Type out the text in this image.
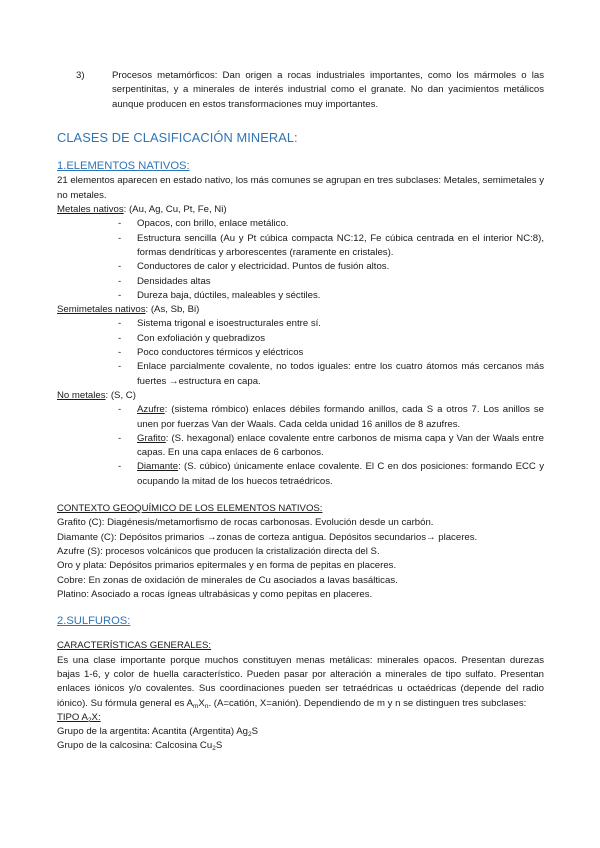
3)	Procesos metamórficos: Dan origen a rocas industriales importantes, como los mármoles o las serpentinitas, y a minerales de interés industrial como el granate. No dan yacimientos metálicos aunque producen en estos transformaciones muy importantes.
CLASES DE CLASIFICACIÓN MINERAL:
1.ELEMENTOS NATIVOS:

21 elementos aparecen en estado nativo, los más comunes se agrupan en tres subclases: Metales, semimetales y no metales.

Metales nativos: (Au, Ag, Cu, Pt, Fe, Ni)

- Opacos, con brillo, enlace metálico.
- Estructura sencilla (Au y Pt cúbica compacta NC:12, Fe cúbica centrada en el interior NC:8), formas dendríticas y arborescentes (raramente en cristales).
- Conductores de calor y electricidad. Puntos de fusión altos.
- Densidades altas
- Dureza baja, dúctiles, maleables y séctiles.

Semimetales nativos: (As, Sb, Bi)

- Sistema trigonal e isoestructurales entre sí.
- Con exfoliación y quebradizos
- Poco conductores térmicos y eléctricos
- Enlace parcialmente covalente, no todos iguales: entre los cuatro átomos más cercanos más fuertes →estructura en capa.

No metales: (S, C)

- Azufre: (sistema rómbico) enlaces débiles formando anillos, cada S a otros 7. Los anillos se unen por fuerzas Van der Waals. Cada celda unidad 16 anillos de 8 azufres.
- Grafito: (S. hexagonal) enlace covalente entre carbonos de misma capa y Van der Waals entre capas. En una capa enlaces de 6 carbonos.
- Diamante: (S. cúbico) únicamente enlace covalente. El C en dos posiciones: formando ECC y ocupando la mitad de los huecos tetraédricos.

CONTEXTO GEOQUÍMICO DE LOS ELEMENTOS NATIVOS:

Grafito (C): Diagénesis/metamorfismo de rocas carbonosas. Evolución desde un carbón.

Diamante (C): Depósitos primarios →zonas de corteza antigua. Depósitos secundarios→ placeres.

Azufre (S): procesos volcánicos que producen la cristalización directa del S.

Oro y plata: Depósitos primarios epitermales y en forma de pepitas en placeres.

Cobre: En zonas de oxidación de minerales de Cu asociados a lavas basálticas.

Platino: Asociado a rocas ígneas ultrabásicas y como pepitas en placeres.

2.SULFUROS:

CARACTERÍSTICAS GENERALES:

Es una clase importante porque muchos constituyen menas metálicas: minerales opacos. Presentan durezas bajas 1-6, y color de huella característico. Pueden pasar por alteración a minerales de tipo sulfato. Presentan enlaces iónicos y/o covalentes. Sus coordinaciones pueden ser tetraédricas u octaédricas (depende del radio iónico). Su fórmula general es $A_mX_n$. (A=catión, X=anión). Dependiendo de m y n se distinguen tres subclases:

TIPO $A_2X$:

Grupo de la argentita: Acantita (Argentita) $Ag_2S$

Grupo de la calcosina: Calcosina $Cu_2S$
